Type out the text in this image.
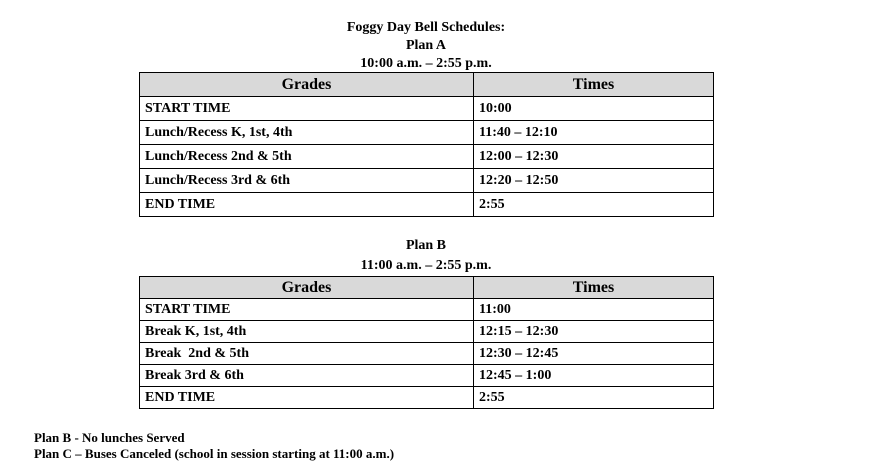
Foggy Day Bell Schedules:
Plan A
10:00 a.m. – 2:55 p.m.
Grades	Times
START TIME	10:00
Lunch/Recess K, 1st, 4th	11:40 – 12:10
Lunch/Recess 2nd & 5th	12:00 – 12:30
Lunch/Recess 3rd & 6th	12:20 – 12:50
END TIME	2:55
Plan B
11:00 a.m. – 2:55 p.m.
Grades	Times
START TIME	11:00
Break K, 1st, 4th	12:15 – 12:30
Break  2nd & 5th	12:30 – 12:45
Break 3rd & 6th	12:45 – 1:00
END TIME	2:55
Plan B - No lunches Served
Plan C – Buses Canceled (school in session starting at 11:00 a.m.)
